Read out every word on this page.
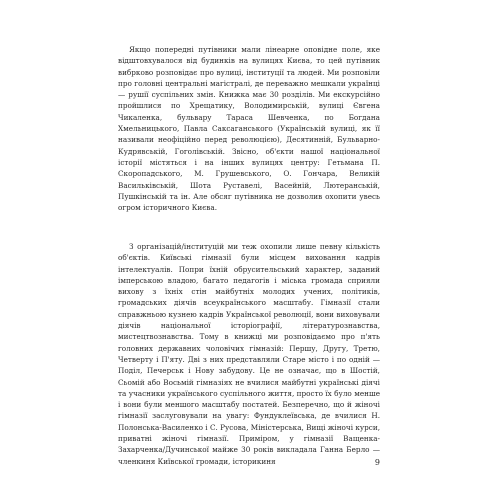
Якщо попередні путівники мали лінеарне оповідне поле, яке відштовхувалося від будинків на вулицях Києва, то цей путівник вибрково розповідає про вулиці, інституції та людей. Ми розповіли про головні центральні магістралі, де переважно мешкали українці — рушії суспільних змін. Книжка має 30 розділів. Ми екскурсійно пройшлися по Хрещатику, Володимирській, вулиці Євгена Чикаленка, бульвару Тараса Шевченка, по Богдана Хмельницького, Павла Саксаганського (Українській вулиці, як її називали неофіційно перед революцією), Десятинній, Бульварно-Кудрявській, Гоголівській. Звісно, об'єкти нашої національної історії містяться і на інших вулицях центру: Гетьмана П. Скоропадського, М. Грушевського, О. Гончара, Великій Васильківській, Шота Руставелі, Васейній, Лютеранській, Пушкінській та ін. Але обсяг путівника не дозволив охопити увесь огром історичного Києва.

З організацій/інституцій ми теж охопили лише певну кількість об'єктів. Київські гімназії були місцем виховання кадрів інтелектуалів. Попри їхній обрусительський характер, заданий імперською владою, багато педагогів і міська громада сприяли вихову з їхніх стін майбутніх молодих учених, політиків, громадських діячів всеукраїнського масштабу. Гімназії стали справжньою кузнею кадрів Української революції, вони виховували діячів національної історіографії, літературознавства, мистецтвознавства. Тому в книжці ми розповідаємо про п'ять головних державних чоловічих гімназій: Першу, Другу, Третю, Четверту і П'яту. Дві з них представляли Старе місто і по одній — Поділ, Печерськ і Нову забудову. Це не означає, що в Шостій, Сьомій або Восьмій гімназіях не вчилися майбутні українські діячі та учасники українського суспільного життя, просто їх було менше і вони були меншого масштабу постатей. Безперечно, що й жіночі гімназії заслуговували на увагу: Фундуклеївська, де вчилися Н. Полонська-Василенко і С. Русова, Міністерська, Вищі жіночі курси, приватні жіночі гімназії. Приміром, у гімназії Ващенка-Захарченка/Дучинської майже 30 років викладала Ганна Берло — членкиня Київської громади, історикиня	9
